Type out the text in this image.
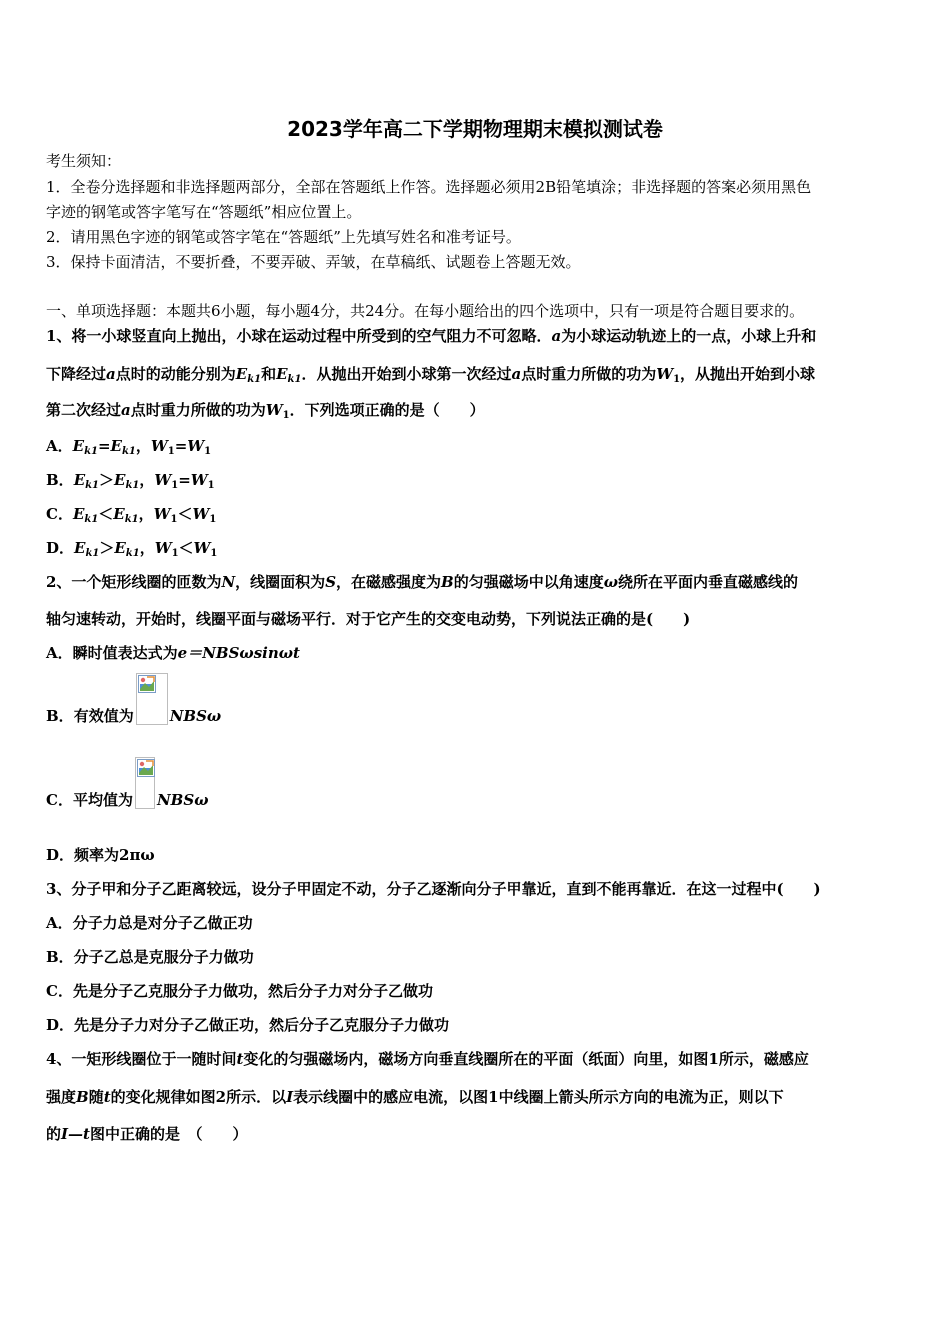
2023学年高二下学期物理期末模拟测试卷
考生须知：
1．全卷分选择题和非选择题两部分，全部在答题纸上作答。选择题必须用2B铅笔填涂；非选择题的答案必须用黑色
字迹的钢笔或答字笔写在“答题纸”相应位置上。
2．请用黑色字迹的钢笔或答字笔在“答题纸”上先填写姓名和准考证号。
3．保持卡面清洁，不要折叠，不要弄破、弄皱，在草稿纸、试题卷上答题无效。
一、单项选择题：本题共6小题，每小题4分，共24分。在每小题给出的四个选项中，只有一项是符合题目要求的。
1、将一小球竖直向上抛出，小球在运动过程中所受到的空气阻力不可忽略．a为小球运动轨迹上的一点，小球上升和
下降经过a点时的动能分别为$E_{k1}$和$E_{k1}$．从抛出开始到小球第一次经过a点时重力所做的功为$W_1$，从抛出开始到小球
第二次经过a点时重力所做的功为$W_1$．下列选项正确的是（　　）
A．$E_{k1}=E_{k1}$，$W_1=W_1$
B．$E_{k1}>E_{k1}$，$W_1=W_1$
C．$E_{k1}<E_{k1}$，$W_1<W_1$
D．$E_{k1}>E_{k1}$，$W_1<W_1$
2、一个矩形线圈的匝数为N，线圈面积为S，在磁感强度为B的匀强磁场中以角速度ω绕所在平面内垂直磁感线的
轴匀速转动，开始时，线圈平面与磁场平行．对于它产生的交变电动势，下列说法正确的是(　　)
A．瞬时值表达式为e＝NBSωsinωt
B．有效值为 NBSω
C．平均值为 NBSω
D．频率为2πω
3、分子甲和分子乙距离较远，设分子甲固定不动，分子乙逐渐向分子甲靠近，直到不能再靠近．在这一过程中(　　)
A．分子力总是对分子乙做正功
B．分子乙总是克服分子力做功
C．先是分子乙克服分子力做功，然后分子力对分子乙做功
D．先是分子力对分子乙做正功，然后分子乙克服分子力做功
4、一矩形线圈位于一随时间t变化的匀强磁场内，磁场方向垂直线圈所在的平面（纸面）向里，如图1所示，磁感应
强度B随t的变化规律如图2所示．以I表示线圈中的感应电流，以图1中线圈上箭头所示方向的电流为正，则以下
的I—t图中正确的是　（　　）
